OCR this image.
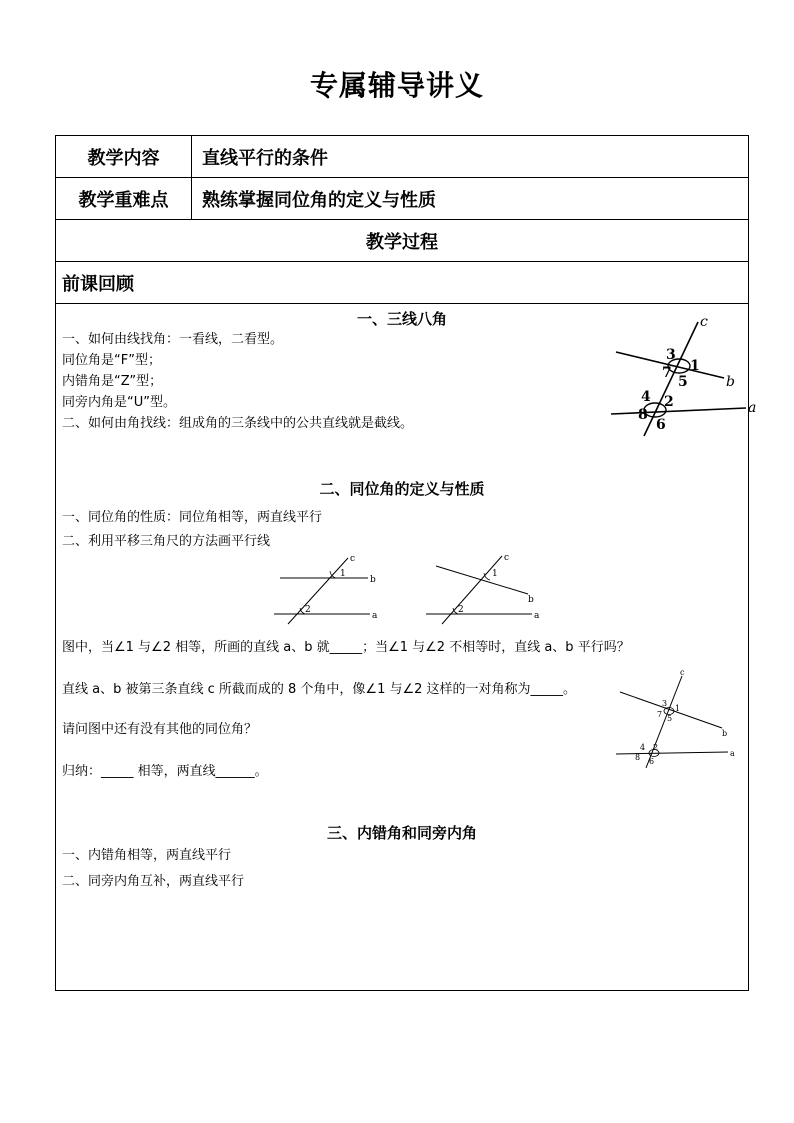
专属辅导讲义
教学内容	直线平行的条件
教学重难点	熟练掌握同位角的定义与性质
教学过程
前课回顾
一、三线八角
一、如何由线找角：一看线，二看型。
同位角是“F”型；
内错角是“Z”型；
同旁内角是“U”型。
二、如何由角找线：组成角的三条线中的公共直线就是截线。
c
b
a
3
1
7
5
4 2
8
6
二、同位角的定义与性质
一、同位角的性质：同位角相等，两直线平行
二、利用平移三角尺的方法画平行线
c
b
a
1
2
c
b
a
1
2
图中，当∠1 与∠2 相等，所画的直线 a、b 就_____；当∠1 与∠2 不相等时，直线 a、b 平行吗？
直线 a、b 被第三条直线 c 所截而成的 8 个角中，像∠1 与∠2 这样的一对角称为_____。
请问图中还有没有其他的同位角？
归纳：_____ 相等，两直线______。
c
b
a
3
1
7 5
4 2
8 6
三、内错角和同旁内角
一、内错角相等，两直线平行
二、同旁内角互补，两直线平行
